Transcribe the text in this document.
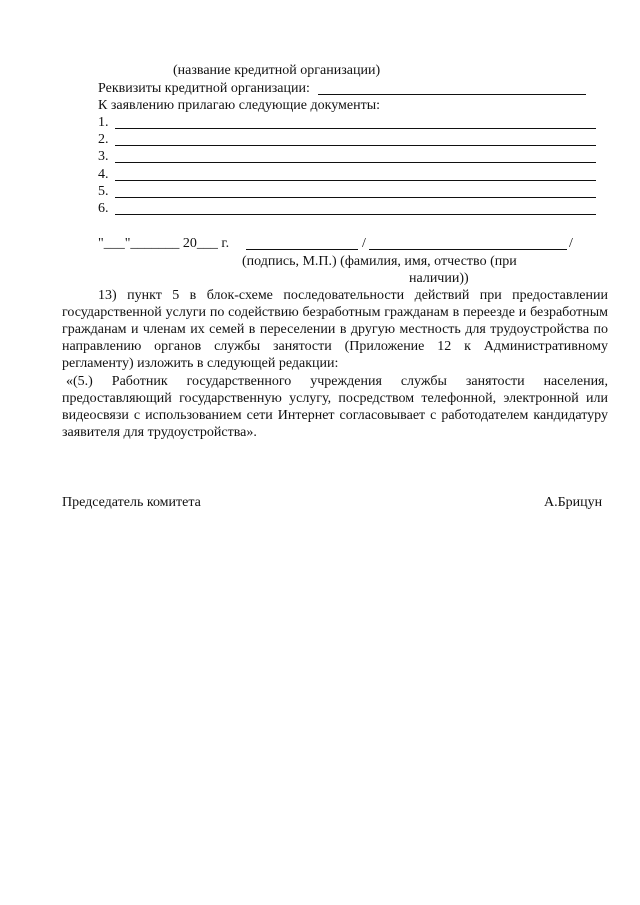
(название кредитной организации)
Реквизиты кредитной организации:
К заявлению прилагаю следующие документы:
1.
2.
3.
4.
5.
6.
"___"_______ 20___ г.	/	/
(подпись, М.П.) (фамилия, имя, отчество (при
наличии))
13) пункт 5 в блок-схеме последовательности действий при предоставлении государственной услуги по содействию безработным гражданам в переезде и безработным гражданам и членам их семей в переселении в другую местность для трудоустройства по направлению органов службы занятости (Приложение 12 к Административному регламенту) изложить в следующей редакции:
«(5.) Работник государственного учреждения службы занятости населения, предоставляющий государственную услугу, посредством телефонной, электронной или видеосвязи с использованием сети Интернет согласовывает с работодателем кандидатуру заявителя для трудоустройства».
Председатель комитета	А.Брицун
